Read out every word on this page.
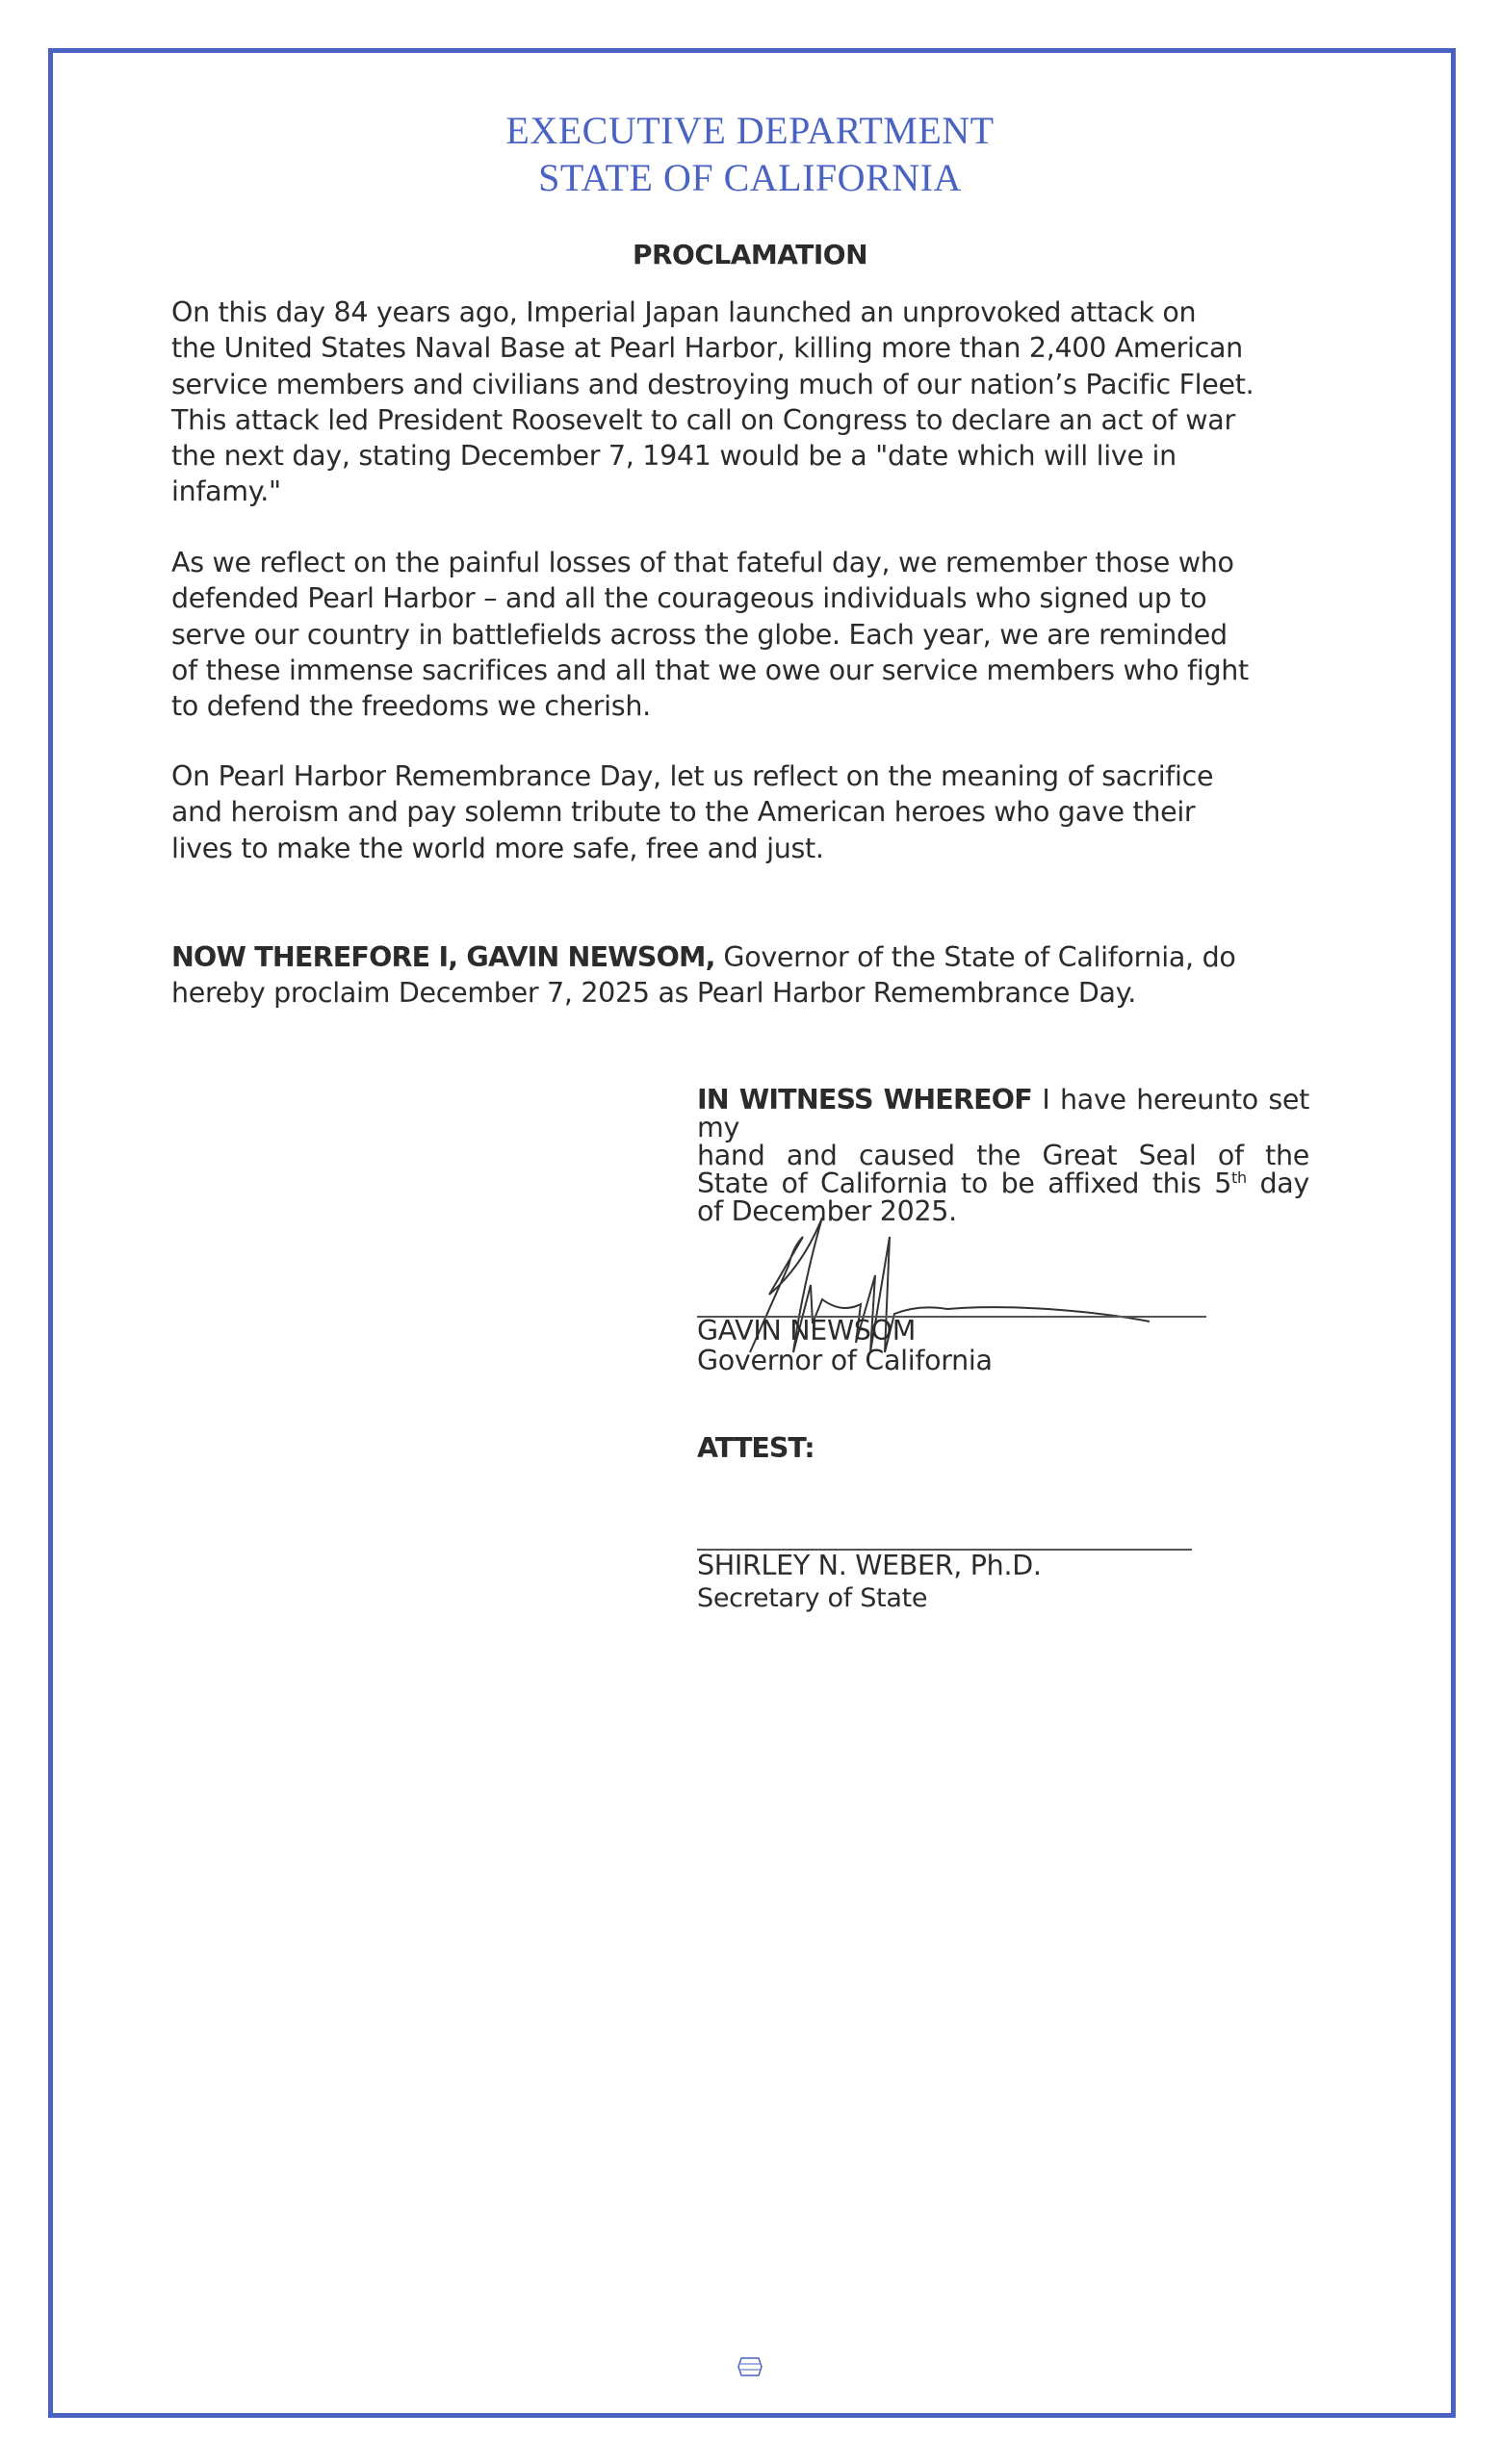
EXECUTIVE DEPARTMENT
STATE OF CALIFORNIA
PROCLAMATION
On this day 84 years ago, Imperial Japan launched an unprovoked attack on
the United States Naval Base at Pearl Harbor, killing more than 2,400 American
service members and civilians and destroying much of our nation’s Pacific Fleet.
This attack led President Roosevelt to call on Congress to declare an act of war
the next day, stating December 7, 1941 would be a "date which will live in
infamy."
As we reflect on the painful losses of that fateful day, we remember those who
defended Pearl Harbor – and all the courageous individuals who signed up to
serve our country in battlefields across the globe. Each year, we are reminded
of these immense sacrifices and all that we owe our service members who fight
to defend the freedoms we cherish.
On Pearl Harbor Remembrance Day, let us reflect on the meaning of sacrifice
and heroism and pay solemn tribute to the American heroes who gave their
lives to make the world more safe, free and just.
NOW THEREFORE I, GAVIN NEWSOM, Governor of the State of California, do
hereby proclaim December 7, 2025 as Pearl Harbor Remembrance Day.
IN WITNESS WHEREOF I have hereunto set my
hand and caused the Great Seal of the
State of California to be affixed this 5th day
of December 2025.
GAVIN NEWSOM
Governor of California
ATTEST:
SHIRLEY N. WEBER, Ph.D.
Secretary of State
